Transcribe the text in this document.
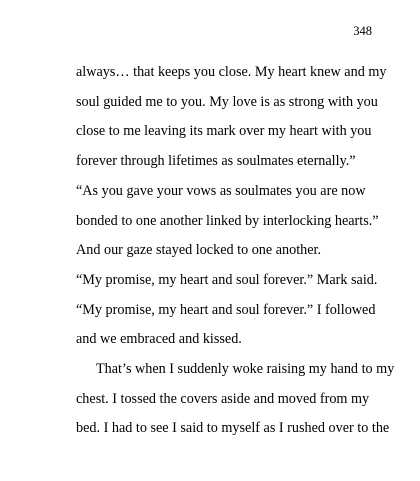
348
always… that keeps you close. My heart knew and my
soul guided me to you. My love is as strong with you
close to me leaving its mark over my heart with you
forever through lifetimes as soulmates eternally.”
“As you gave your vows as soulmates you are now
bonded to one another linked by interlocking hearts.”
And our gaze stayed locked to one another.
“My promise, my heart and soul forever.” Mark said.
“My promise, my heart and soul forever.” I followed
and we embraced and kissed.
That’s when I suddenly woke raising my hand to my
chest. I tossed the covers aside and moved from my
bed. I had to see I said to myself as I rushed over to the
